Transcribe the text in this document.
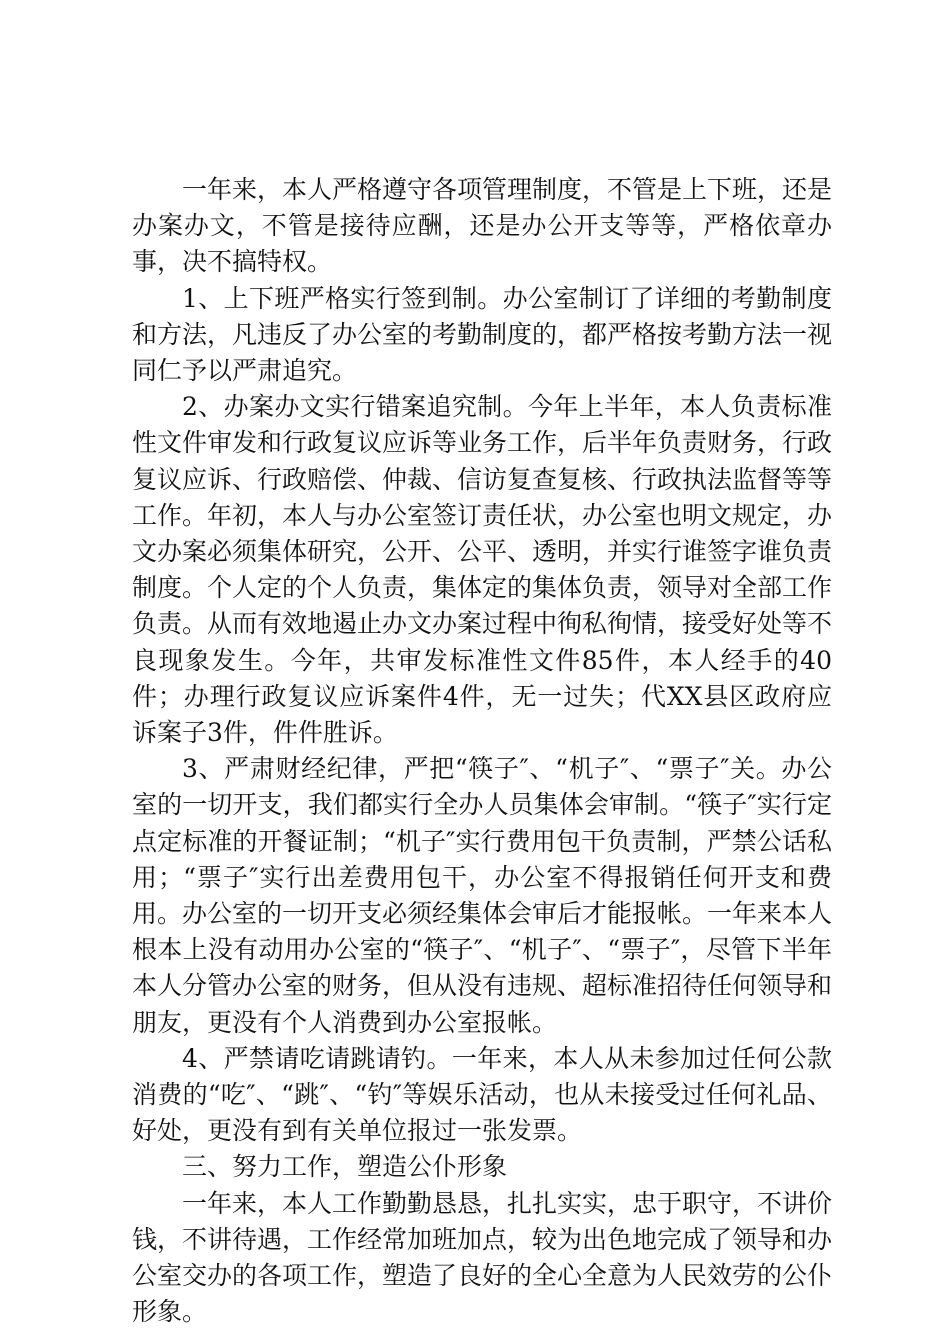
一年来，本人严格遵守各项管理制度，不管是上下班，还是办案办文，不管是接待应酬，还是办公开支等等，严格依章办事，决不搞特权。

1、上下班严格实行签到制。办公室制订了详细的考勤制度和方法，凡违反了办公室的考勤制度的，都严格按考勤方法一视同仁予以严肃追究。

2、办案办文实行错案追究制。今年上半年，本人负责标准性文件审发和行政复议应诉等业务工作，后半年负责财务，行政复议应诉、行政赔偿、仲裁、信访复查复核、行政执法监督等等工作。年初，本人与办公室签订责任状，办公室也明文规定，办文办案必须集体研究，公开、公平、透明，并实行谁签字谁负责制度。个人定的个人负责，集体定的集体负责，领导对全部工作负责。从而有效地遏止办文办案过程中徇私徇情，接受好处等不良现象发生。今年，共审发标准性文件85件，本人经手的40件；办理行政复议应诉案件4件，无一过失；代XX县区政府应诉案子3件，件件胜诉。

3、严肃财经纪律，严把“筷子″、“机子″、“票子″关。办公室的一切开支，我们都实行全办人员集体会审制。“筷子″实行定点定标准的开餐证制；“机子″实行费用包干负责制，严禁公话私用；“票子″实行出差费用包干，办公室不得报销任何开支和费用。办公室的一切开支必须经集体会审后才能报帐。一年来本人根本上没有动用办公室的“筷子″、“机子″、“票子″，尽管下半年本人分管办公室的财务，但从没有违规、超标准招待任何领导和朋友，更没有个人消费到办公室报帐。

4、严禁请吃请跳请钓。一年来，本人从未参加过任何公款消费的“吃″、“跳″、“钓″等娱乐活动，也从未接受过任何礼品、好处，更没有到有关单位报过一张发票。

三、努力工作，塑造公仆形象

一年来，本人工作勤勤恳恳，扎扎实实，忠于职守，不讲价钱，不讲待遇，工作经常加班加点，较为出色地完成了领导和办公室交办的各项工作，塑造了良好的全心全意为人民效劳的公仆形象。
